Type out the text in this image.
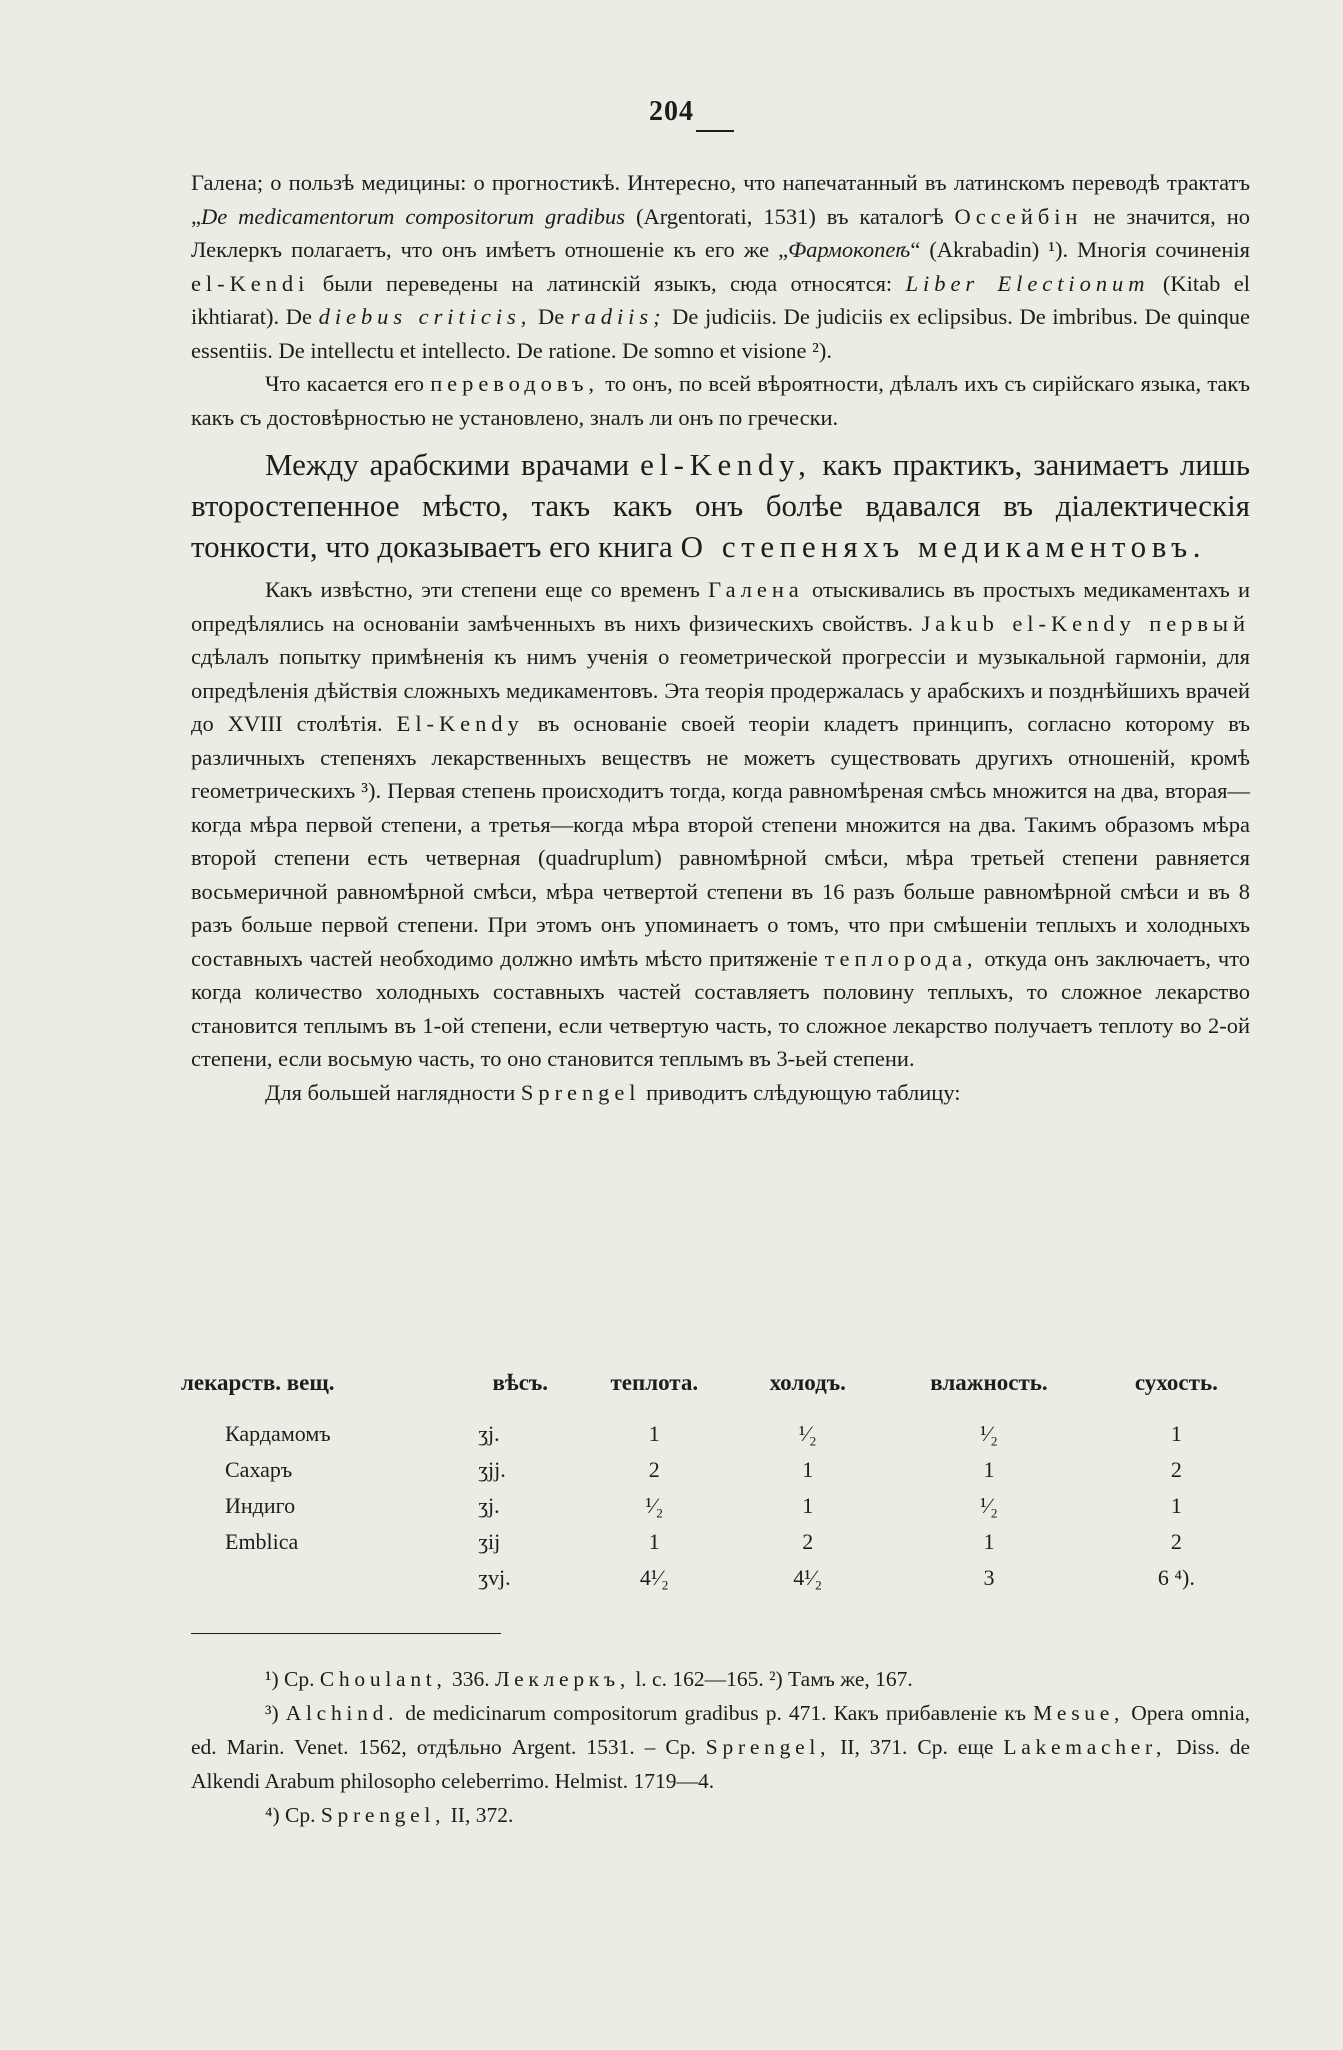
204

Галена; о пользѣ медицины: о прогностикѣ. Интересно, что напечатанный въ латинскомъ переводѣ трактатъ „De medicamentorum compositorum gradibus (Argentorati, 1531) въ каталогѣ Оссейбін не значится, но Леклеркъ полагаетъ, что онъ имѣетъ отношеніе къ его же „Фармокопеѣ“ (Akrabadin) ¹). Многія сочиненія el-Kendi были переведены на латинскій языкъ, сюда относятся: Liber Electionum (Kitab el ikhtiarat). De diebus criticis, De radiis; De judiciis. De judiciis ex eclipsibus. De imbribus. De quinque essentiis. De intellectu et intellecto. De ratione. De somno et visione ²).

Что касается его переводовъ, то онъ, по всей вѣроятности, дѣлалъ ихъ съ сирійскаго языка, такъ какъ съ достовѣрностью не установлено, зналъ ли онъ по гречески.

Между арабскими врачами el-Kendy, какъ практикъ, занимаетъ лишь второстепенное мѣсто, такъ какъ онъ болѣе вдавался въ діалектическія тонкости, что доказываетъ его книга О степеняхъ медикаментовъ.

Какъ извѣстно, эти степени еще со временъ Галена отыскивались въ простыхъ медикаментахъ и опредѣлялись на основаніи замѣченныхъ въ нихъ физическихъ свойствъ. Jakub el-Kendy первый сдѣлалъ попытку примѣненія къ нимъ ученія о геометрической прогрессіи и музыкальной гармоніи, для опредѣленія дѣйствія сложныхъ медикаментовъ. Эта теорія продержалась у арабскихъ и позднѣйшихъ врачей до XVIII столѣтія. El-Kendy въ основаніе своей теоріи кладетъ принципъ, согласно которому въ различныхъ степеняхъ лекарственныхъ веществъ не можетъ существовать другихъ отношеній, кромѣ геометрическихъ ³). Первая степень происходитъ тогда, когда равномѣреная смѣсь множится на два, вторая—когда мѣра первой степени, а третья—когда мѣра второй степени множится на два. Такимъ образомъ мѣра второй степени есть четверная (quadruplum) равномѣрной смѣси, мѣра третьей степени равняется восьмеричной равномѣрной смѣси, мѣра четвертой степени въ 16 разъ больше равномѣрной смѣси и въ 8 разъ больше первой степени. При этомъ онъ упоминаетъ о томъ, что при смѣшеніи теплыхъ и холодныхъ составныхъ частей необходимо должно имѣть мѣсто притяженіе теплорода, откуда онъ заключаетъ, что когда количество холодныхъ составныхъ частей составляетъ половину теплыхъ, то сложное лекарство становится теплымъ въ 1-ой степени, если четвертую часть, то сложное лекарство получаетъ теплоту во 2-ой степени, если восьмую часть, то оно становится теплымъ въ 3-ьей степени.

Для большей наглядности Sprengel приводитъ слѣдующую таблицу:

лекарств. вещ.	вѣсъ.	теплота.	холодъ.	влажность.	сухость.
Кардамомъ	ʒj.	1	¹⁄₂	¹⁄₂	1
Сахаръ	ʒjj.	2	1	1	2
Индиго	ʒj.	¹⁄₂	1	¹⁄₂	1
Emblica	ʒij	1	2	1	2
	ʒvj.	4¹⁄₂	4¹⁄₂	3	6 ⁴).

¹) Ср. Choulant, 336. Леклеркъ, l. c. 162—165. ²) Тамъ же, 167.

³) Alchind. de medicinarum compositorum gradibus p. 471. Какъ прибавленіе къ Mesue, Opera omnia, ed. Marin. Venet. 1562, отдѣльно Argent. 1531. – Ср. Sprengel, II, 371. Ср. еще Lakemacher, Diss. de Alkendi Arabum philosopho celeberrimo. Helmist. 1719—4.

⁴) Ср. Sprengel, II, 372.
